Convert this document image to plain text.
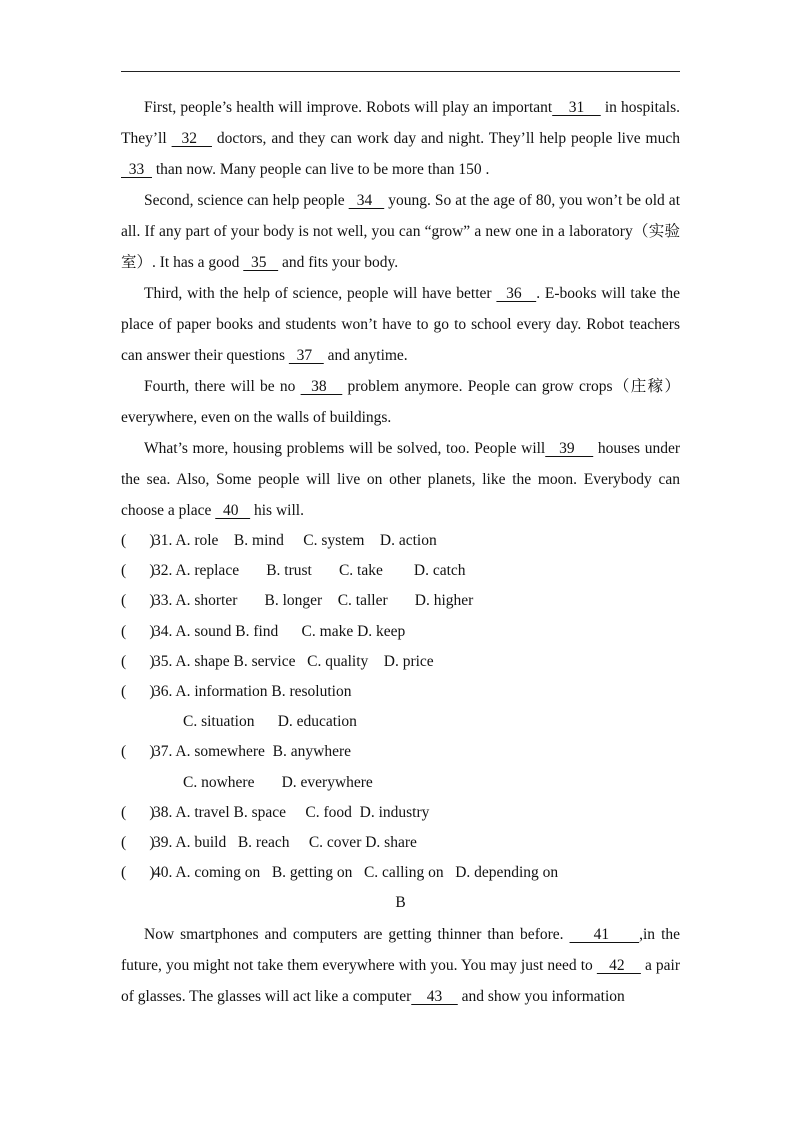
First, people’s health will improve. Robots will play an important    31     in hospitals. They’ll   32    doctors, and they can work day and night. They’ll help people live much   33   than now. Many people can live to be more than 150 .

Second, science can help people   34    young. So at the age of 80, you won’t be old at all. If any part of your body is not well, you can “grow” a new one in a laboratory（实验室）. It has a good   35    and fits your body.

Third, with the help of science, people will have better   36   . E-books will take the place of paper books and students won’t have to go to school every day. Robot teachers can answer their questions   37    and anytime.

Fourth, there will be no   38    problem anymore. People can grow crops（庄稼） everywhere, even on the walls of buildings.

What’s more, housing problems will be solved, too. People will   39     houses under the sea. Also, Some people will live on other planets, like the moon. Everybody can choose a place   40    his will.

(      )31. A. role    B. mind     C. system    D. action

(      )32. A. replace       B. trust       C. take        D. catch

(      )33. A. shorter       B. longer    C. taller       D. higher

(      )34. A. sound B. find      C. make D. keep

(      )35. A. shape B. service   C. quality    D. price

(      )36. A. information B. resolution

C. situation      D. education

(      )37. A. somewhere  B. anywhere

C. nowhere       D. everywhere

(      )38. A. travel B. space     C. food  D. industry

(      )39. A. build   B. reach     C. cover D. share

(      )40. A. coming on   B. getting on   C. calling on   D. depending on

B

Now smartphones and computers are getting thinner than before.     41     ,in the future, you might not take them everywhere with you. You may just need to    42     a pair of glasses. The glasses will act like a computer    43     and show you information
